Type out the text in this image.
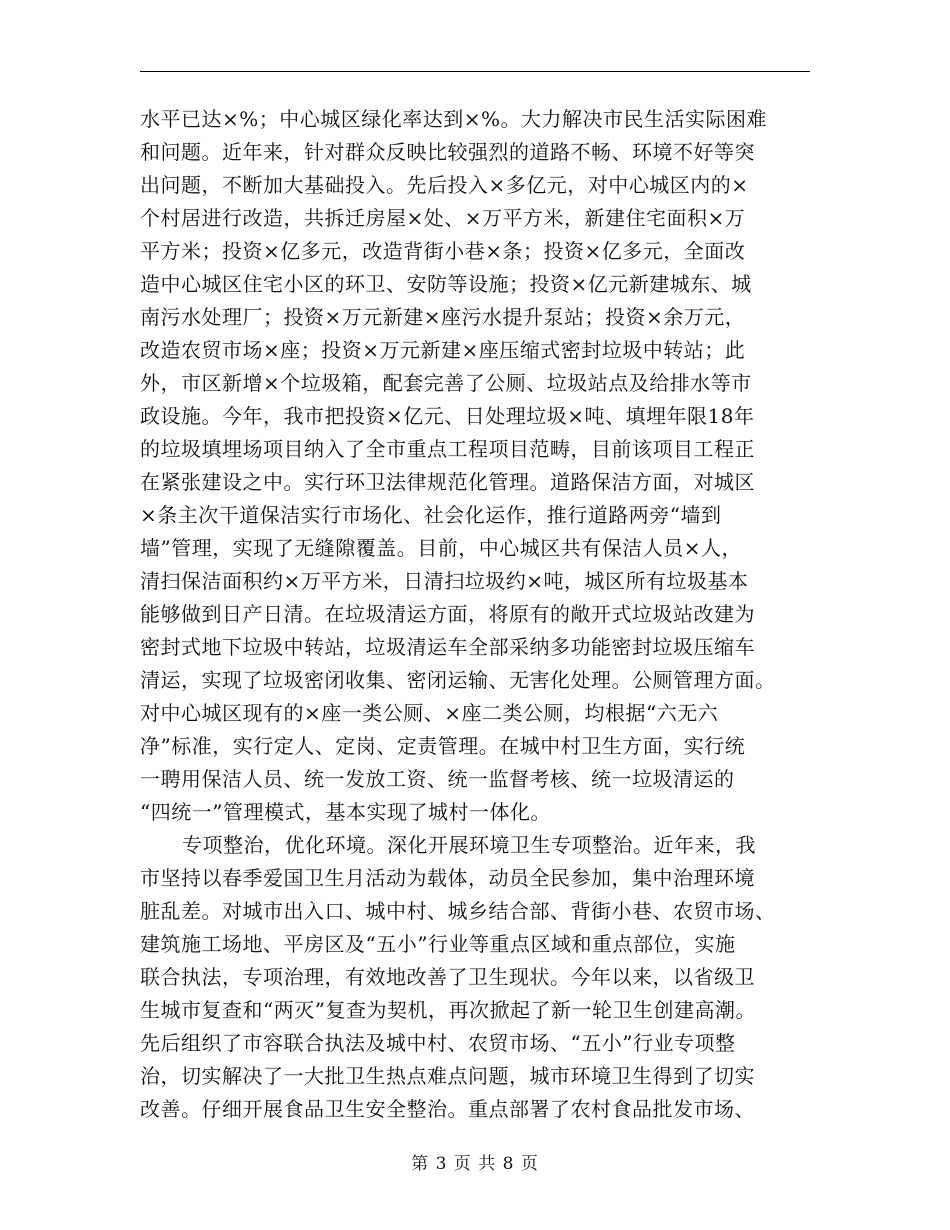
水平已达×%；中心城区绿化率达到×%。大力解决市民生活实际困难
和问题。近年来，针对群众反映比较强烈的道路不畅、环境不好等突
出问题，不断加大基础投入。先后投入×多亿元，对中心城区内的×
个村居进行改造，共拆迁房屋×处、×万平方米，新建住宅面积×万
平方米；投资×亿多元，改造背街小巷×条；投资×亿多元，全面改
造中心城区住宅小区的环卫、安防等设施；投资×亿元新建城东、城
南污水处理厂；投资×万元新建×座污水提升泵站；投资×余万元，
改造农贸市场×座；投资×万元新建×座压缩式密封垃圾中转站；此
外，市区新增×个垃圾箱，配套完善了公厕、垃圾站点及给排水等市
政设施。今年，我市把投资×亿元、日处理垃圾×吨、填埋年限18年
的垃圾填埋场项目纳入了全市重点工程项目范畴，目前该项目工程正
在紧张建设之中。实行环卫法律规范化管理。道路保洁方面，对城区
×条主次干道保洁实行市场化、社会化运作，推行道路两旁“墙到
墙”管理，实现了无缝隙覆盖。目前，中心城区共有保洁人员×人，
清扫保洁面积约×万平方米，日清扫垃圾约×吨，城区所有垃圾基本
能够做到日产日清。在垃圾清运方面，将原有的敞开式垃圾站改建为
密封式地下垃圾中转站，垃圾清运车全部采纳多功能密封垃圾压缩车
清运，实现了垃圾密闭收集、密闭运输、无害化处理。公厕管理方面。
对中心城区现有的×座一类公厕、×座二类公厕，均根据“六无六
净”标准，实行定人、定岗、定责管理。在城中村卫生方面，实行统
一聘用保洁人员、统一发放工资、统一监督考核、统一垃圾清运的
“四统一”管理模式，基本实现了城村一体化。
专项整治，优化环境。深化开展环境卫生专项整治。近年来，我
市坚持以春季爱国卫生月活动为载体，动员全民参加，集中治理环境
脏乱差。对城市出入口、城中村、城乡结合部、背街小巷、农贸市场、
建筑施工场地、平房区及“五小”行业等重点区域和重点部位，实施
联合执法，专项治理，有效地改善了卫生现状。今年以来，以省级卫
生城市复查和“两灭”复查为契机，再次掀起了新一轮卫生创建高潮。
先后组织了市容联合执法及城中村、农贸市场、“五小”行业专项整
治，切实解决了一大批卫生热点难点问题，城市环境卫生得到了切实
改善。仔细开展食品卫生安全整治。重点部署了农村食品批发市场、
第 3 页 共 8 页
